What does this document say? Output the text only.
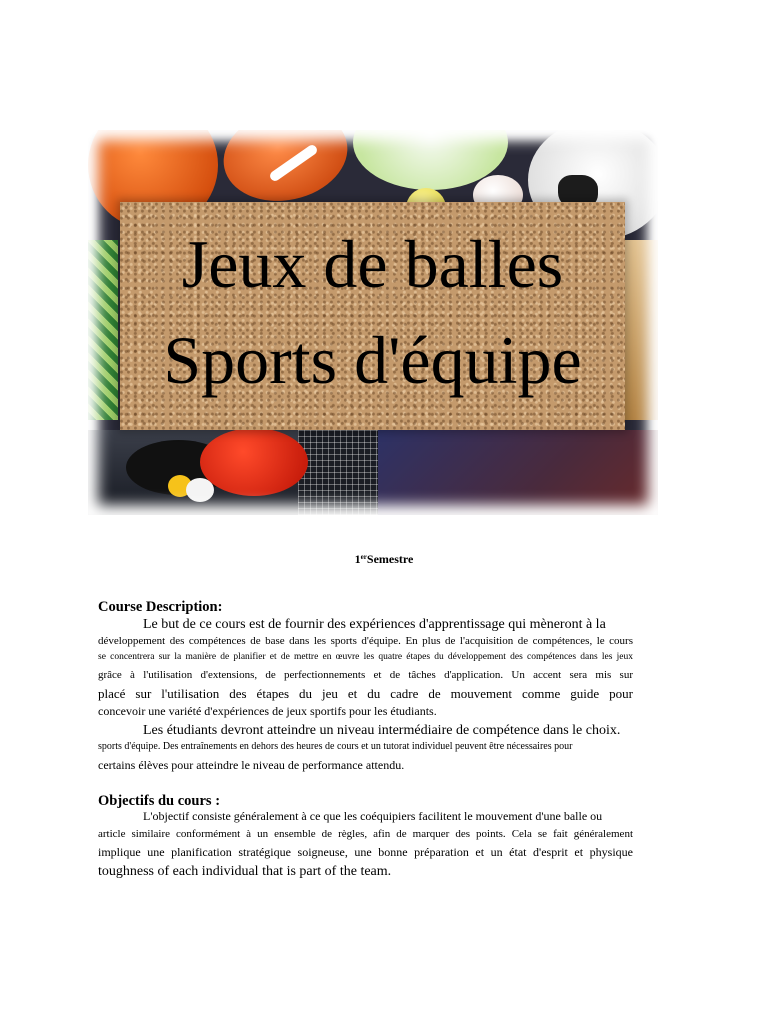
Jeux de balles
Sports d'équipe
1erSemestre
Course Description:
Le but de ce cours est de fournir des expériences d'apprentissage qui mèneront à la
développement des compétences de base dans les sports d'équipe. En plus de l'acquisition de compétences, le cours
se concentrera sur la manière de planifier et de mettre en œuvre les quatre étapes du développement des compétences dans les jeux
grâce à l'utilisation d'extensions, de perfectionnements et de tâches d'application. Un accent sera mis sur
placé sur l'utilisation des étapes du jeu et du cadre de mouvement comme guide pour
concevoir une variété d'expériences de jeux sportifs pour les étudiants.
Les étudiants devront atteindre un niveau intermédiaire de compétence dans le choix.
sports d'équipe. Des entraînements en dehors des heures de cours et un tutorat individuel peuvent être nécessaires pour
certains élèves pour atteindre le niveau de performance attendu.
Objectifs du cours :
L'objectif consiste généralement à ce que les coéquipiers facilitent le mouvement d'une balle ou
article similaire conformément à un ensemble de règles, afin de marquer des points. Cela se fait généralement
implique une planification stratégique soigneuse, une bonne préparation et un état d'esprit et physique
toughness of each individual that is part of the team.
